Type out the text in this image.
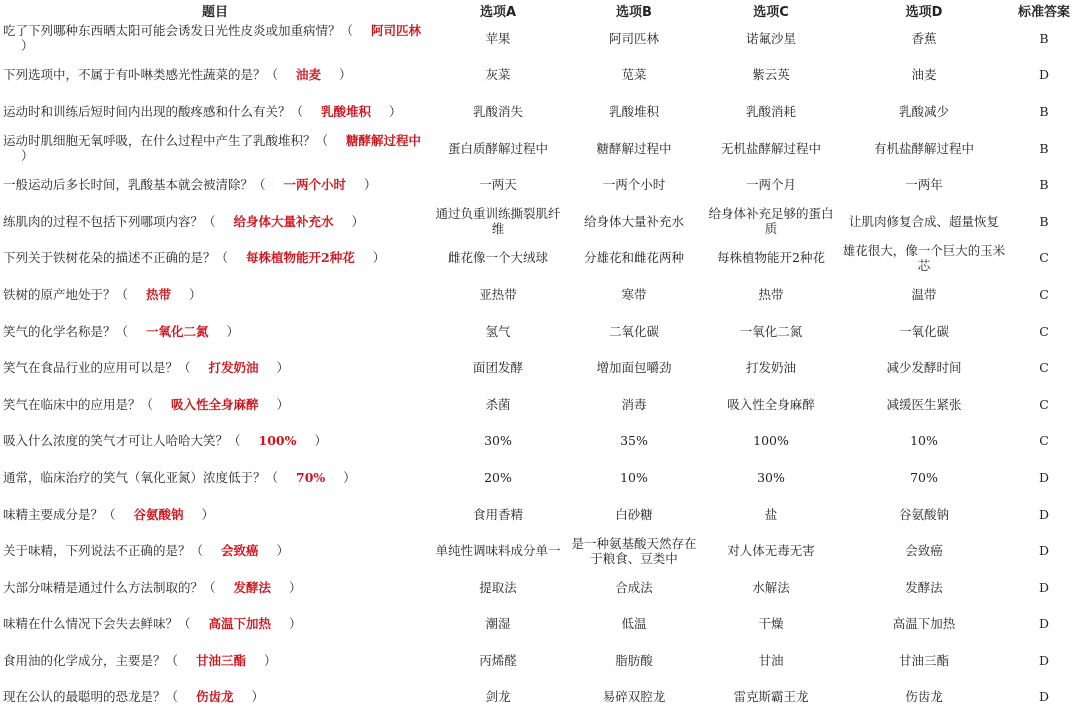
题目	选项A	选项B	选项C	选项D	标准答案
吃了下列哪种东西晒太阳可能会诱发日光性皮炎或加重病情？（ 阿司匹林）	苹果	阿司匹林	诺氟沙星	香蕉	B
下列选项中，不属于有卟啉类感光性蔬菜的是？（ 油麦 ）	灰菜	苋菜	紫云英	油麦	D
运动时和训练后短时间内出现的酸疼感和什么有关？（ 乳酸堆积 ）	乳酸消失	乳酸堆积	乳酸消耗	乳酸减少	B
运动时肌细胞无氧呼吸，在什么过程中产生了乳酸堆积？（ 糖酵解过程中）	蛋白质酵解过程中	糖酵解过程中	无机盐酵解过程中	有机盐酵解过程中	B
一般运动后多长时间，乳酸基本就会被清除？（ 一两个小时 ）	一两天	一两个小时	一两个月	一两年	B
练肌肉的过程不包括下列哪项内容？（ 给身体大量补充水 ）	通过负重训练撕裂肌纤维	给身体大量补充水	给身体补充足够的蛋白质	让肌肉修复合成、超量恢复	B
下列关于铁树花朵的描述不正确的是？（ 每株植物能开2种花 ）	雌花像一个大绒球	分雄花和雌花两种	每株植物能开2种花	雄花很大，像一个巨大的玉米芯	C
铁树的原产地处于？（ 热带 ）	亚热带	寒带	热带	温带	C
笑气的化学名称是？（ 一氧化二氮 ）	氢气	二氧化碳	一氧化二氮	一氧化碳	C
笑气在食品行业的应用可以是？（ 打发奶油 ）	面团发酵	增加面包嚼劲	打发奶油	减少发酵时间	C
笑气在临床中的应用是？（ 吸入性全身麻醉 ）	杀菌	消毒	吸入性全身麻醉	减缓医生紧张	C
吸入什么浓度的笑气才可让人哈哈大笑？（ 100% ）	30%	35%	100%	10%	C
通常，临床治疗的笑气（氧化亚氮）浓度低于？（ 70% ）	20%	10%	30%	70%	D
味精主要成分是？（ 谷氨酸钠 ）	食用香精	白砂糖	盐	谷氨酸钠	D
关于味精，下列说法不正确的是？（ 会致癌 ）	单纯性调味料成分单一	是一种氨基酸天然存在于粮食、豆类中	对人体无毒无害	会致癌	D
大部分味精是通过什么方法制取的？（ 发酵法 ）	提取法	合成法	水解法	发酵法	D
味精在什么情况下会失去鲜味？（ 高温下加热 ）	潮湿	低温	干燥	高温下加热	D
食用油的化学成分，主要是？（ 甘油三酯 ）	丙烯醛	脂肪酸	甘油	甘油三酯	D
现在公认的最聪明的恐龙是？（ 伤齿龙 ）	剑龙	易碎双腔龙	雷克斯霸王龙	伤齿龙	D
